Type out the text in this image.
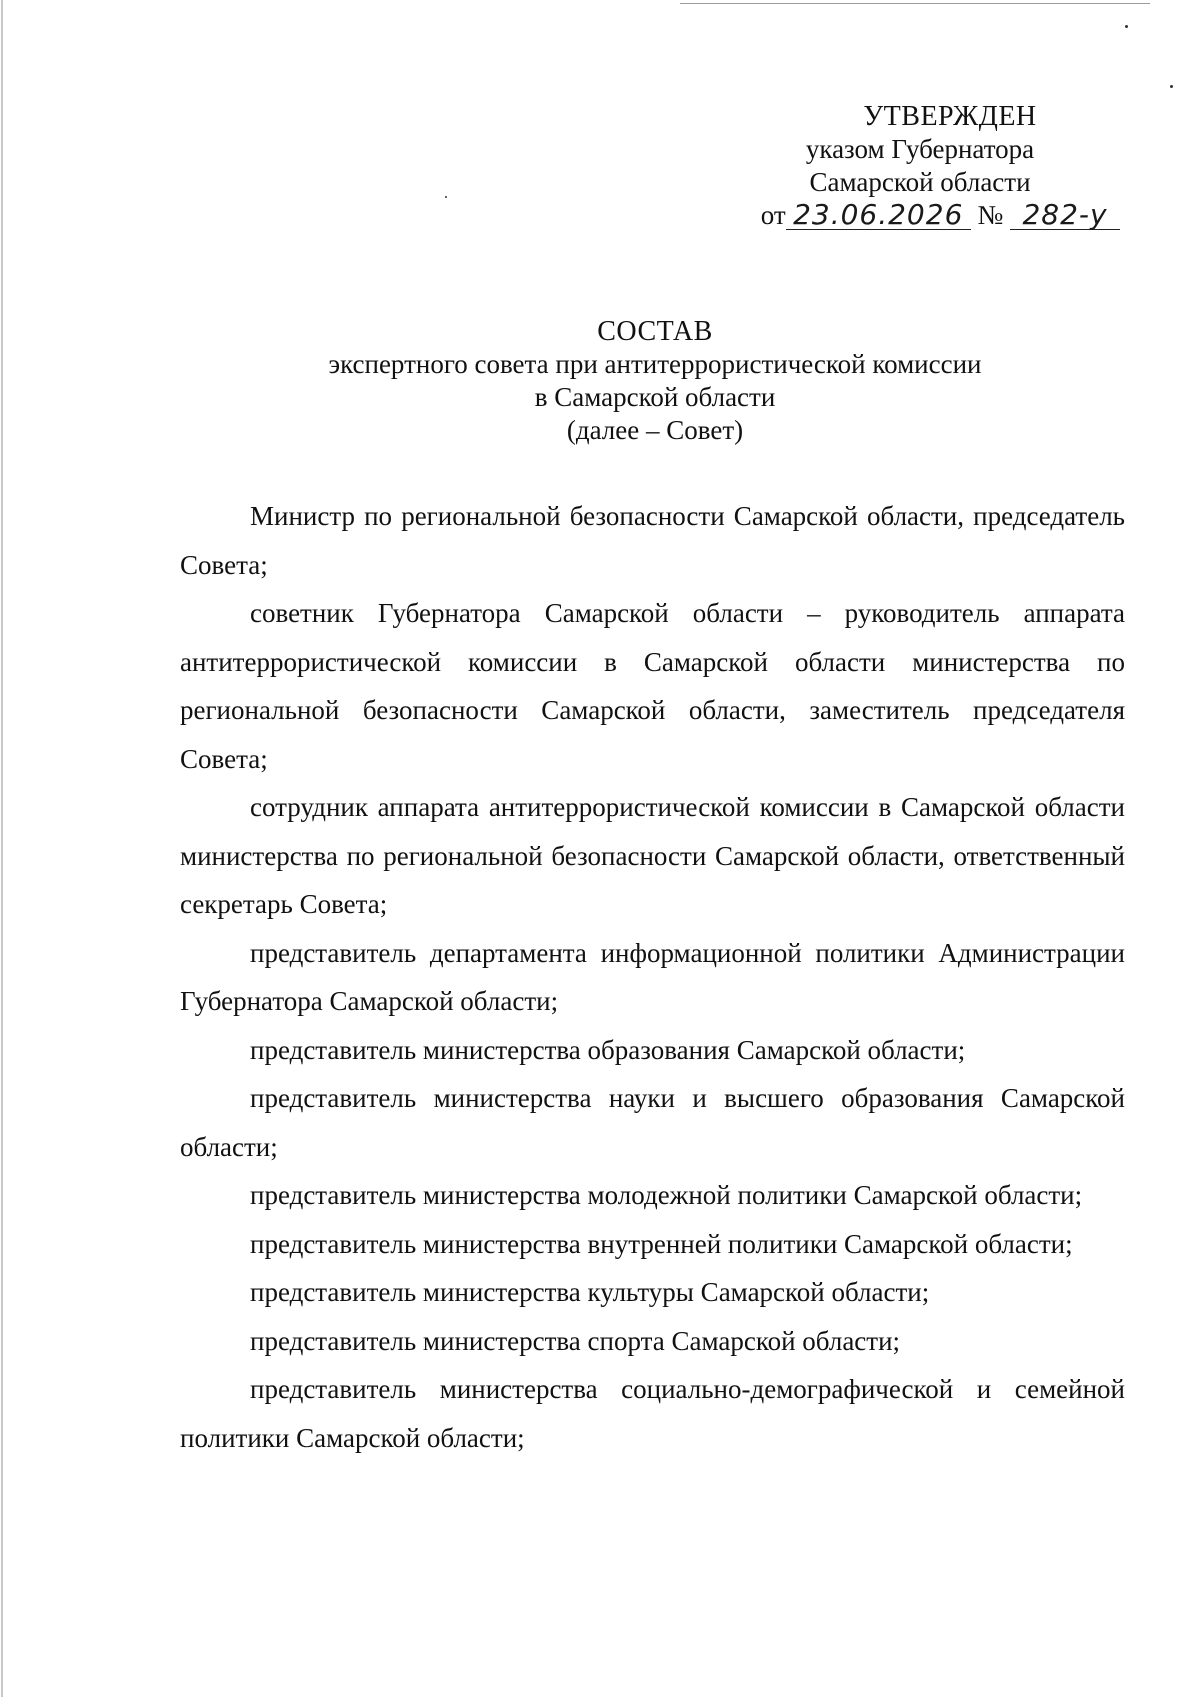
УТВЕРЖДЕН
указом Губернатора
Самарской области
от 23.06.2026 № 282-у
СОСТАВ
экспертного совета при антитеррористической комиссии
в Самарской области
(далее – Совет)

Министр по региональной безопасности Самарской области, председатель Совета;

советник Губернатора Самарской области – руководитель аппарата антитеррористической комиссии в Самарской области министерства по региональной безопасности Самарской области, заместитель председателя Совета;

сотрудник аппарата антитеррористической комиссии в Самарской области министерства по региональной безопасности Самарской области, ответственный секретарь Совета;

представитель департамента информационной политики Администрации Губернатора Самарской области;

представитель министерства образования Самарской области;

представитель министерства науки и высшего образования Самарской области;

представитель министерства молодежной политики Самарской области;

представитель министерства внутренней политики Самарской области;

представитель министерства культуры Самарской области;

представитель министерства спорта Самарской области;

представитель министерства социально-демографической и семейной политики Самарской области;
